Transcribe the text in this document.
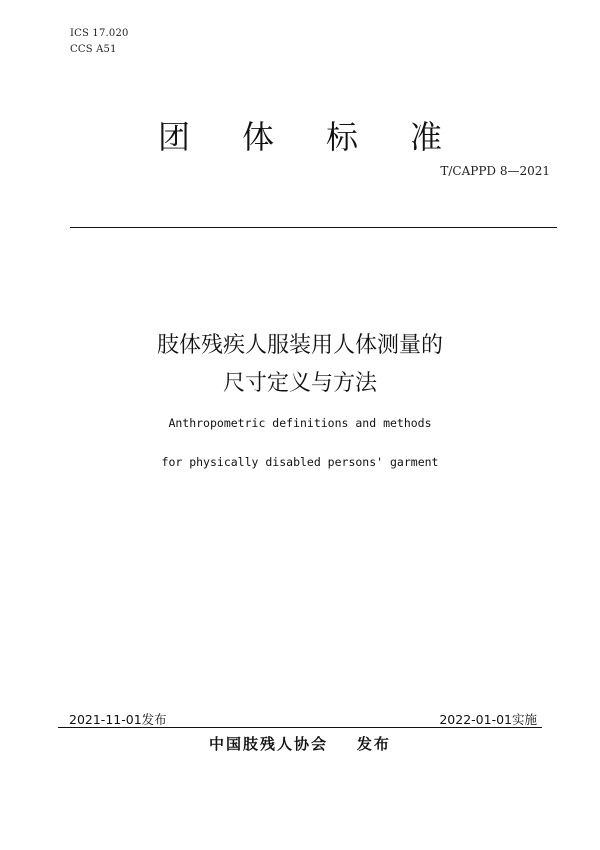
ICS 17.020
CCS A51
团体标准
T/CAPPD 8—2021
肢体残疾人服装用人体测量的
尺寸定义与方法
Anthropometric definitions and methods
for physically disabled persons' garment
2021-11-01发布	2022-01-01实施
中国肢残人协会    发布
